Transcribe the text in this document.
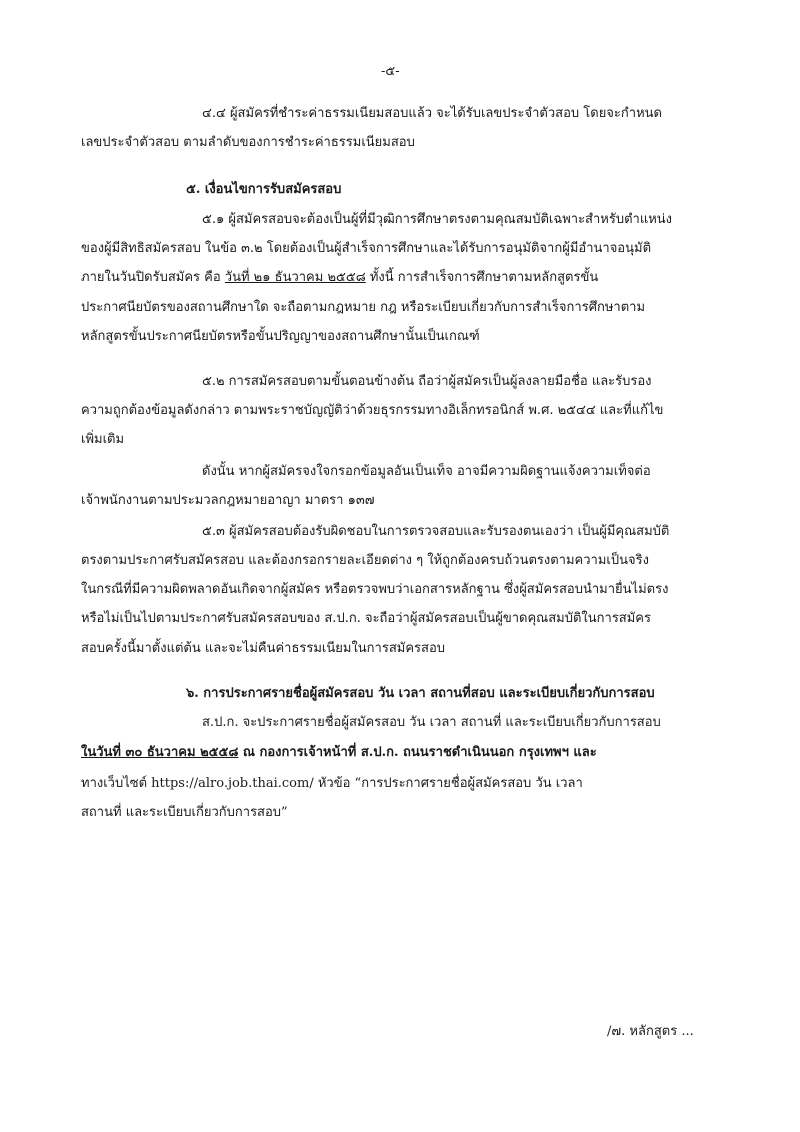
-๕-
๔.๔ ผู้สมัครที่ชำระค่าธรรมเนียมสอบแล้ว จะได้รับเลขประจำตัวสอบ โดยจะกำหนด
เลขประจำตัวสอบ ตามลำดับของการชำระค่าธรรมเนียมสอบ
๕. เงื่อนไขการรับสมัครสอบ
๕.๑ ผู้สมัครสอบจะต้องเป็นผู้ที่มีวุฒิการศึกษาตรงตามคุณสมบัติเฉพาะสำหรับตำแหน่ง
ของผู้มีสิทธิสมัครสอบ ในข้อ ๓.๒ โดยต้องเป็นผู้สำเร็จการศึกษาและได้รับการอนุมัติจากผู้มีอำนาจอนุมัติ
ภายในวันปิดรับสมัคร คือ วันที่ ๒๑ ธันวาคม ๒๕๕๘ ทั้งนี้ การสำเร็จการศึกษาตามหลักสูตรขั้น
ประกาศนียบัตรของสถานศึกษาใด จะถือตามกฎหมาย กฎ หรือระเบียบเกี่ยวกับการสำเร็จการศึกษาตาม
หลักสูตรขั้นประกาศนียบัตรหรือขั้นปริญญาของสถานศึกษานั้นเป็นเกณฑ์
๕.๒ การสมัครสอบตามขั้นตอนข้างต้น ถือว่าผู้สมัครเป็นผู้ลงลายมือชื่อ และรับรอง
ความถูกต้องข้อมูลดังกล่าว ตามพระราชบัญญัติว่าด้วยธุรกรรมทางอิเล็กทรอนิกส์ พ.ศ. ๒๕๔๔ และที่แก้ไข
เพิ่มเติม
ดังนั้น หากผู้สมัครจงใจกรอกข้อมูลอันเป็นเท็จ อาจมีความผิดฐานแจ้งความเท็จต่อ
เจ้าพนักงานตามประมวลกฎหมายอาญา มาตรา ๑๓๗
๕.๓ ผู้สมัครสอบต้องรับผิดชอบในการตรวจสอบและรับรองตนเองว่า เป็นผู้มีคุณสมบัติ
ตรงตามประกาศรับสมัครสอบ และต้องกรอกรายละเอียดต่าง ๆ ให้ถูกต้องครบถ้วนตรงตามความเป็นจริง
ในกรณีที่มีความผิดพลาดอันเกิดจากผู้สมัคร หรือตรวจพบว่าเอกสารหลักฐาน ซึ่งผู้สมัครสอบนำมายื่นไม่ตรง
หรือไม่เป็นไปตามประกาศรับสมัครสอบของ ส.ป.ก. จะถือว่าผู้สมัครสอบเป็นผู้ขาดคุณสมบัติในการสมัคร
สอบครั้งนี้มาตั้งแต่ต้น และจะไม่คืนค่าธรรมเนียมในการสมัครสอบ
๖. การประกาศรายชื่อผู้สมัครสอบ วัน เวลา สถานที่สอบ และระเบียบเกี่ยวกับการสอบ
ส.ป.ก. จะประกาศรายชื่อผู้สมัครสอบ วัน เวลา สถานที่ และระเบียบเกี่ยวกับการสอบ
ในวันที่ ๓๐ ธันวาคม ๒๕๕๘ ณ กองการเจ้าหน้าที่ ส.ป.ก. ถนนราชดำเนินนอก กรุงเทพฯ และ
ทางเว็บไซต์ https://alro.job.thai.com/ หัวข้อ “การประกาศรายชื่อผู้สมัครสอบ วัน เวลา
สถานที่ และระเบียบเกี่ยวกับการสอบ”
/๗. หลักสูตร ...
